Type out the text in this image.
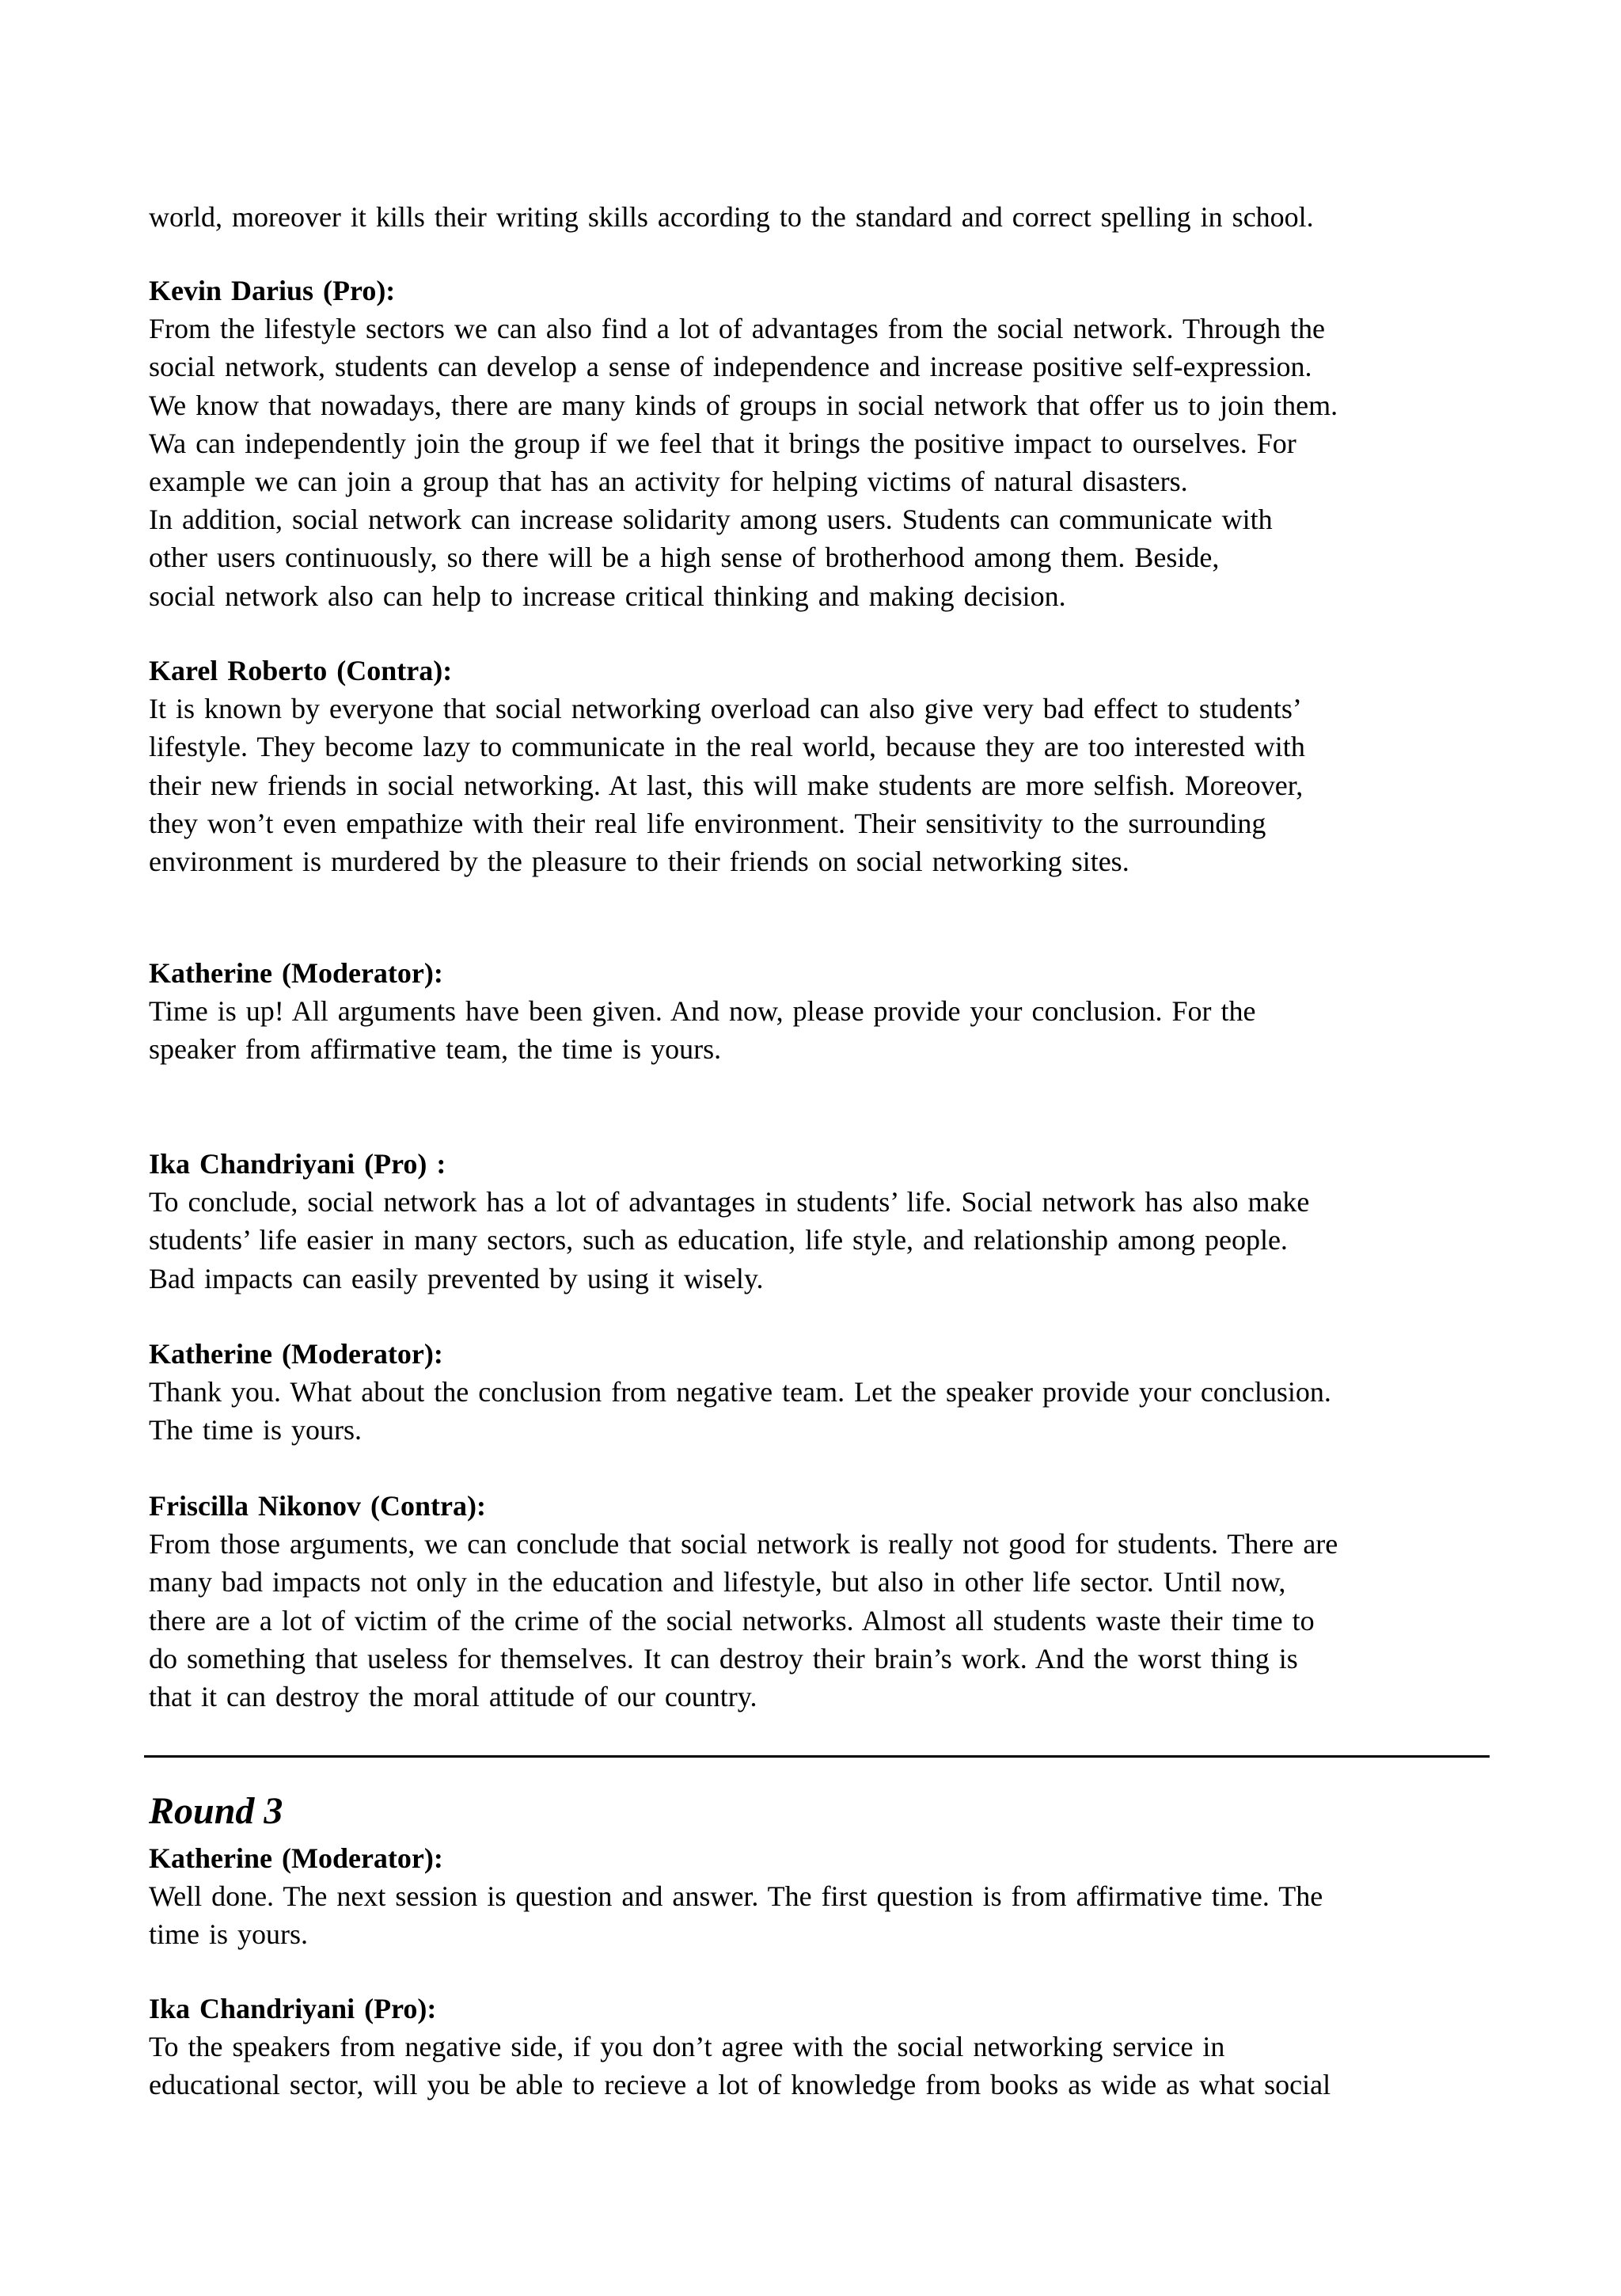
world, moreover it kills their writing skills according to the standard and correct spelling in school.
Kevin Darius (Pro):
From the lifestyle sectors we can also find a lot of advantages from the social network. Through the
social network, students can develop a sense of independence and increase positive self-expression.
We know that nowadays, there are many kinds of groups in social network that offer us to join them.
Wa can independently join the group if we feel that it brings the positive impact to ourselves. For
example we can join a group that has an activity for helping victims of natural disasters.
In addition, social network can increase solidarity among users. Students can communicate with
other users continuously, so there will be a high sense of brotherhood among them. Beside,
social network also can help to increase critical thinking and making decision.
Karel Roberto (Contra):
It is known by everyone that social networking overload can also give very bad effect to students’
lifestyle. They become lazy to communicate in the real world, because they are too interested with
their new friends in social networking. At last, this will make students are more selfish. Moreover,
they won’t even empathize with their real life environment. Their sensitivity to the surrounding
environment is murdered by the pleasure to their friends on social networking sites.
Katherine (Moderator):
Time is up! All arguments have been given. And now, please provide your conclusion. For the
speaker from affirmative team, the time is yours.
Ika Chandriyani (Pro) :
To conclude, social network has a lot of advantages in students’ life. Social network has also make
students’ life easier in many sectors, such as education, life style, and relationship among people.
Bad impacts can easily prevented by using it wisely.
Katherine (Moderator):
Thank you. What about the conclusion from negative team. Let the speaker provide your conclusion.
The time is yours.
Friscilla Nikonov (Contra):
From those arguments, we can conclude that social network is really not good for students. There are
many bad impacts not only in the education and lifestyle, but also in other life sector. Until now,
there are a lot of victim of the crime of the social networks. Almost all students waste their time to
do something that useless for themselves. It can destroy their brain’s work. And the worst thing is
that it can destroy the moral attitude of our country.
Round 3
Katherine (Moderator):
Well done. The next session is question and answer. The first question is from affirmative time. The
time is yours.
Ika Chandriyani (Pro):
To the speakers from negative side, if you don’t agree with the social networking service in
educational sector, will you be able to recieve a lot of knowledge from books as wide as what social
